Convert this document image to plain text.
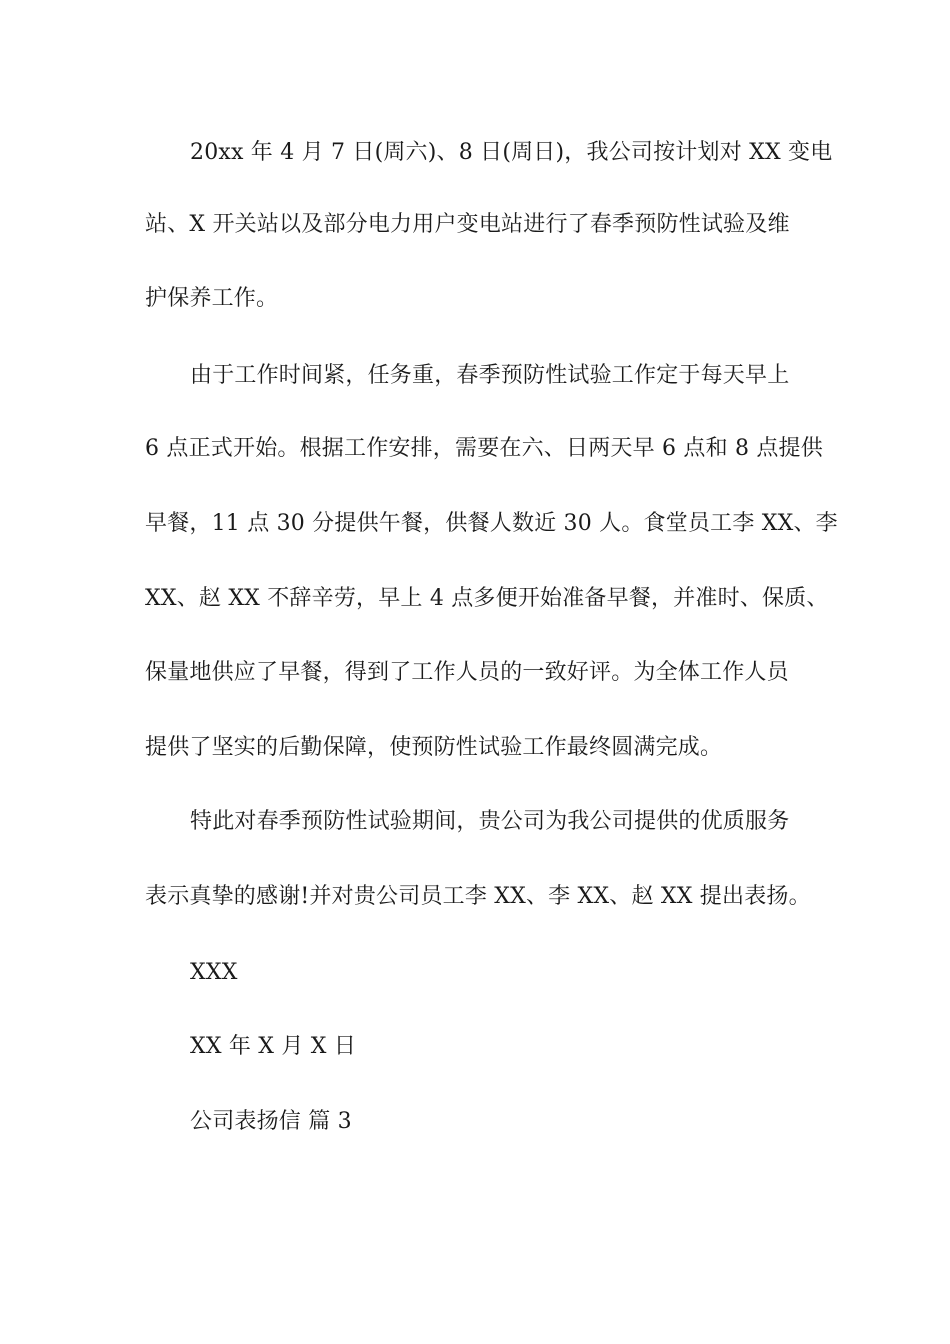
20xx 年 4 月 7 日(周六)、8 日(周日)，我公司按计划对 XX 变电
站、X 开关站以及部分电力用户变电站进行了春季预防性试验及维
护保养工作。
由于工作时间紧，任务重，春季预防性试验工作定于每天早上
6 点正式开始。根据工作安排，需要在六、日两天早 6 点和 8 点提供
早餐，11 点 30 分提供午餐，供餐人数近 30 人。食堂员工李 XX、李
XX、赵 XX 不辞辛劳，早上 4 点多便开始准备早餐，并准时、保质、
保量地供应了早餐，得到了工作人员的一致好评。为全体工作人员
提供了坚实的后勤保障，使预防性试验工作最终圆满完成。
特此对春季预防性试验期间，贵公司为我公司提供的优质服务
表示真挚的感谢!并对贵公司员工李 XX、李 XX、赵 XX 提出表扬。
XXX
XX 年 X 月 X 日
公司表扬信 篇 3
